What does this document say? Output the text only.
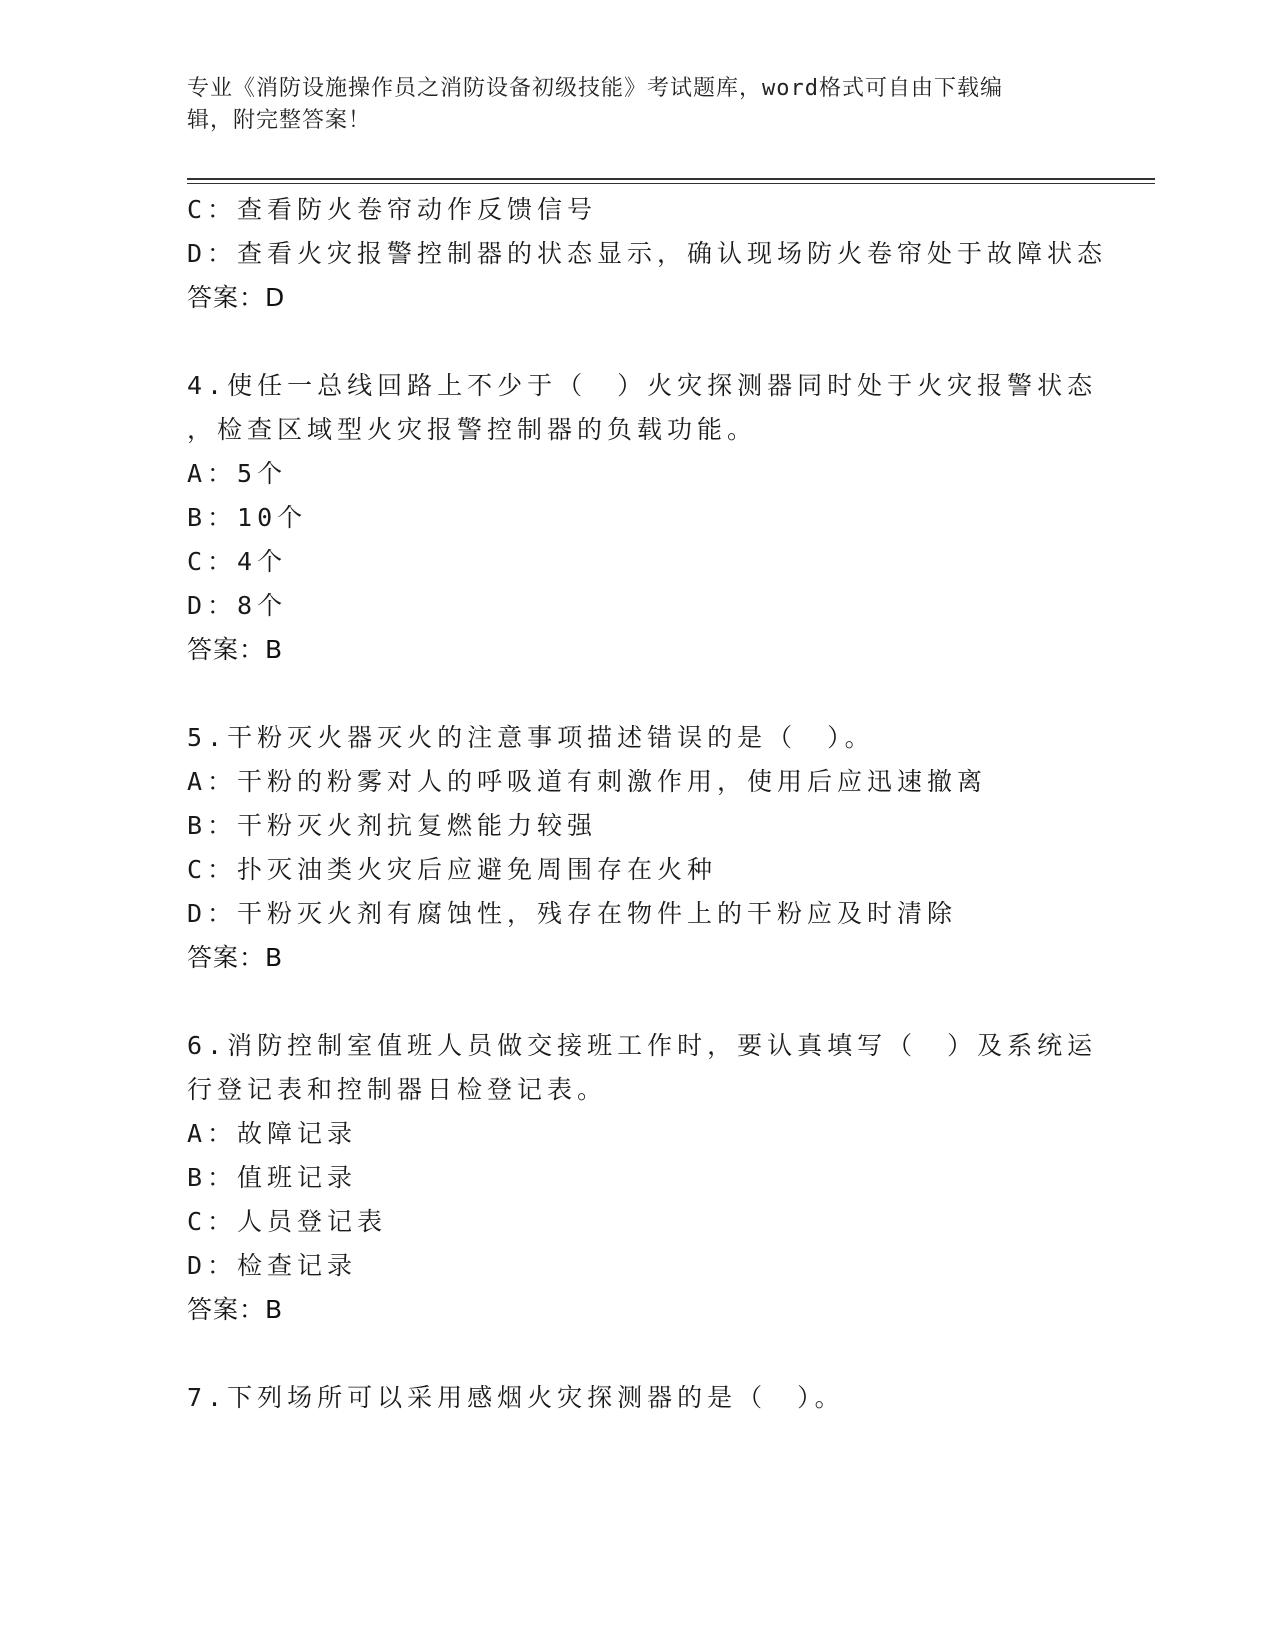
专业《消防设施操作员之消防设备初级技能》考试题库，word格式可自由下载编
辑，附完整答案！
C：查看防火卷帘动作反馈信号
D：查看火灾报警控制器的状态显示，确认现场防火卷帘处于故障状态
答案：D
4.使任一总线回路上不少于（　）火灾探测器同时处于火灾报警状态
，检查区域型火灾报警控制器的负载功能。
A：5个
B：10个
C：4个
D：8个
答案：B
5.干粉灭火器灭火的注意事项描述错误的是（　）。
A：干粉的粉雾对人的呼吸道有刺激作用，使用后应迅速撤离
B：干粉灭火剂抗复燃能力较强
C：扑灭油类火灾后应避免周围存在火种
D：干粉灭火剂有腐蚀性，残存在物件上的干粉应及时清除
答案：B
6.消防控制室值班人员做交接班工作时，要认真填写（　）及系统运
行登记表和控制器日检登记表。
A：故障记录
B：值班记录
C：人员登记表
D：检查记录
答案：B
7.下列场所可以采用感烟火灾探测器的是（　）。
